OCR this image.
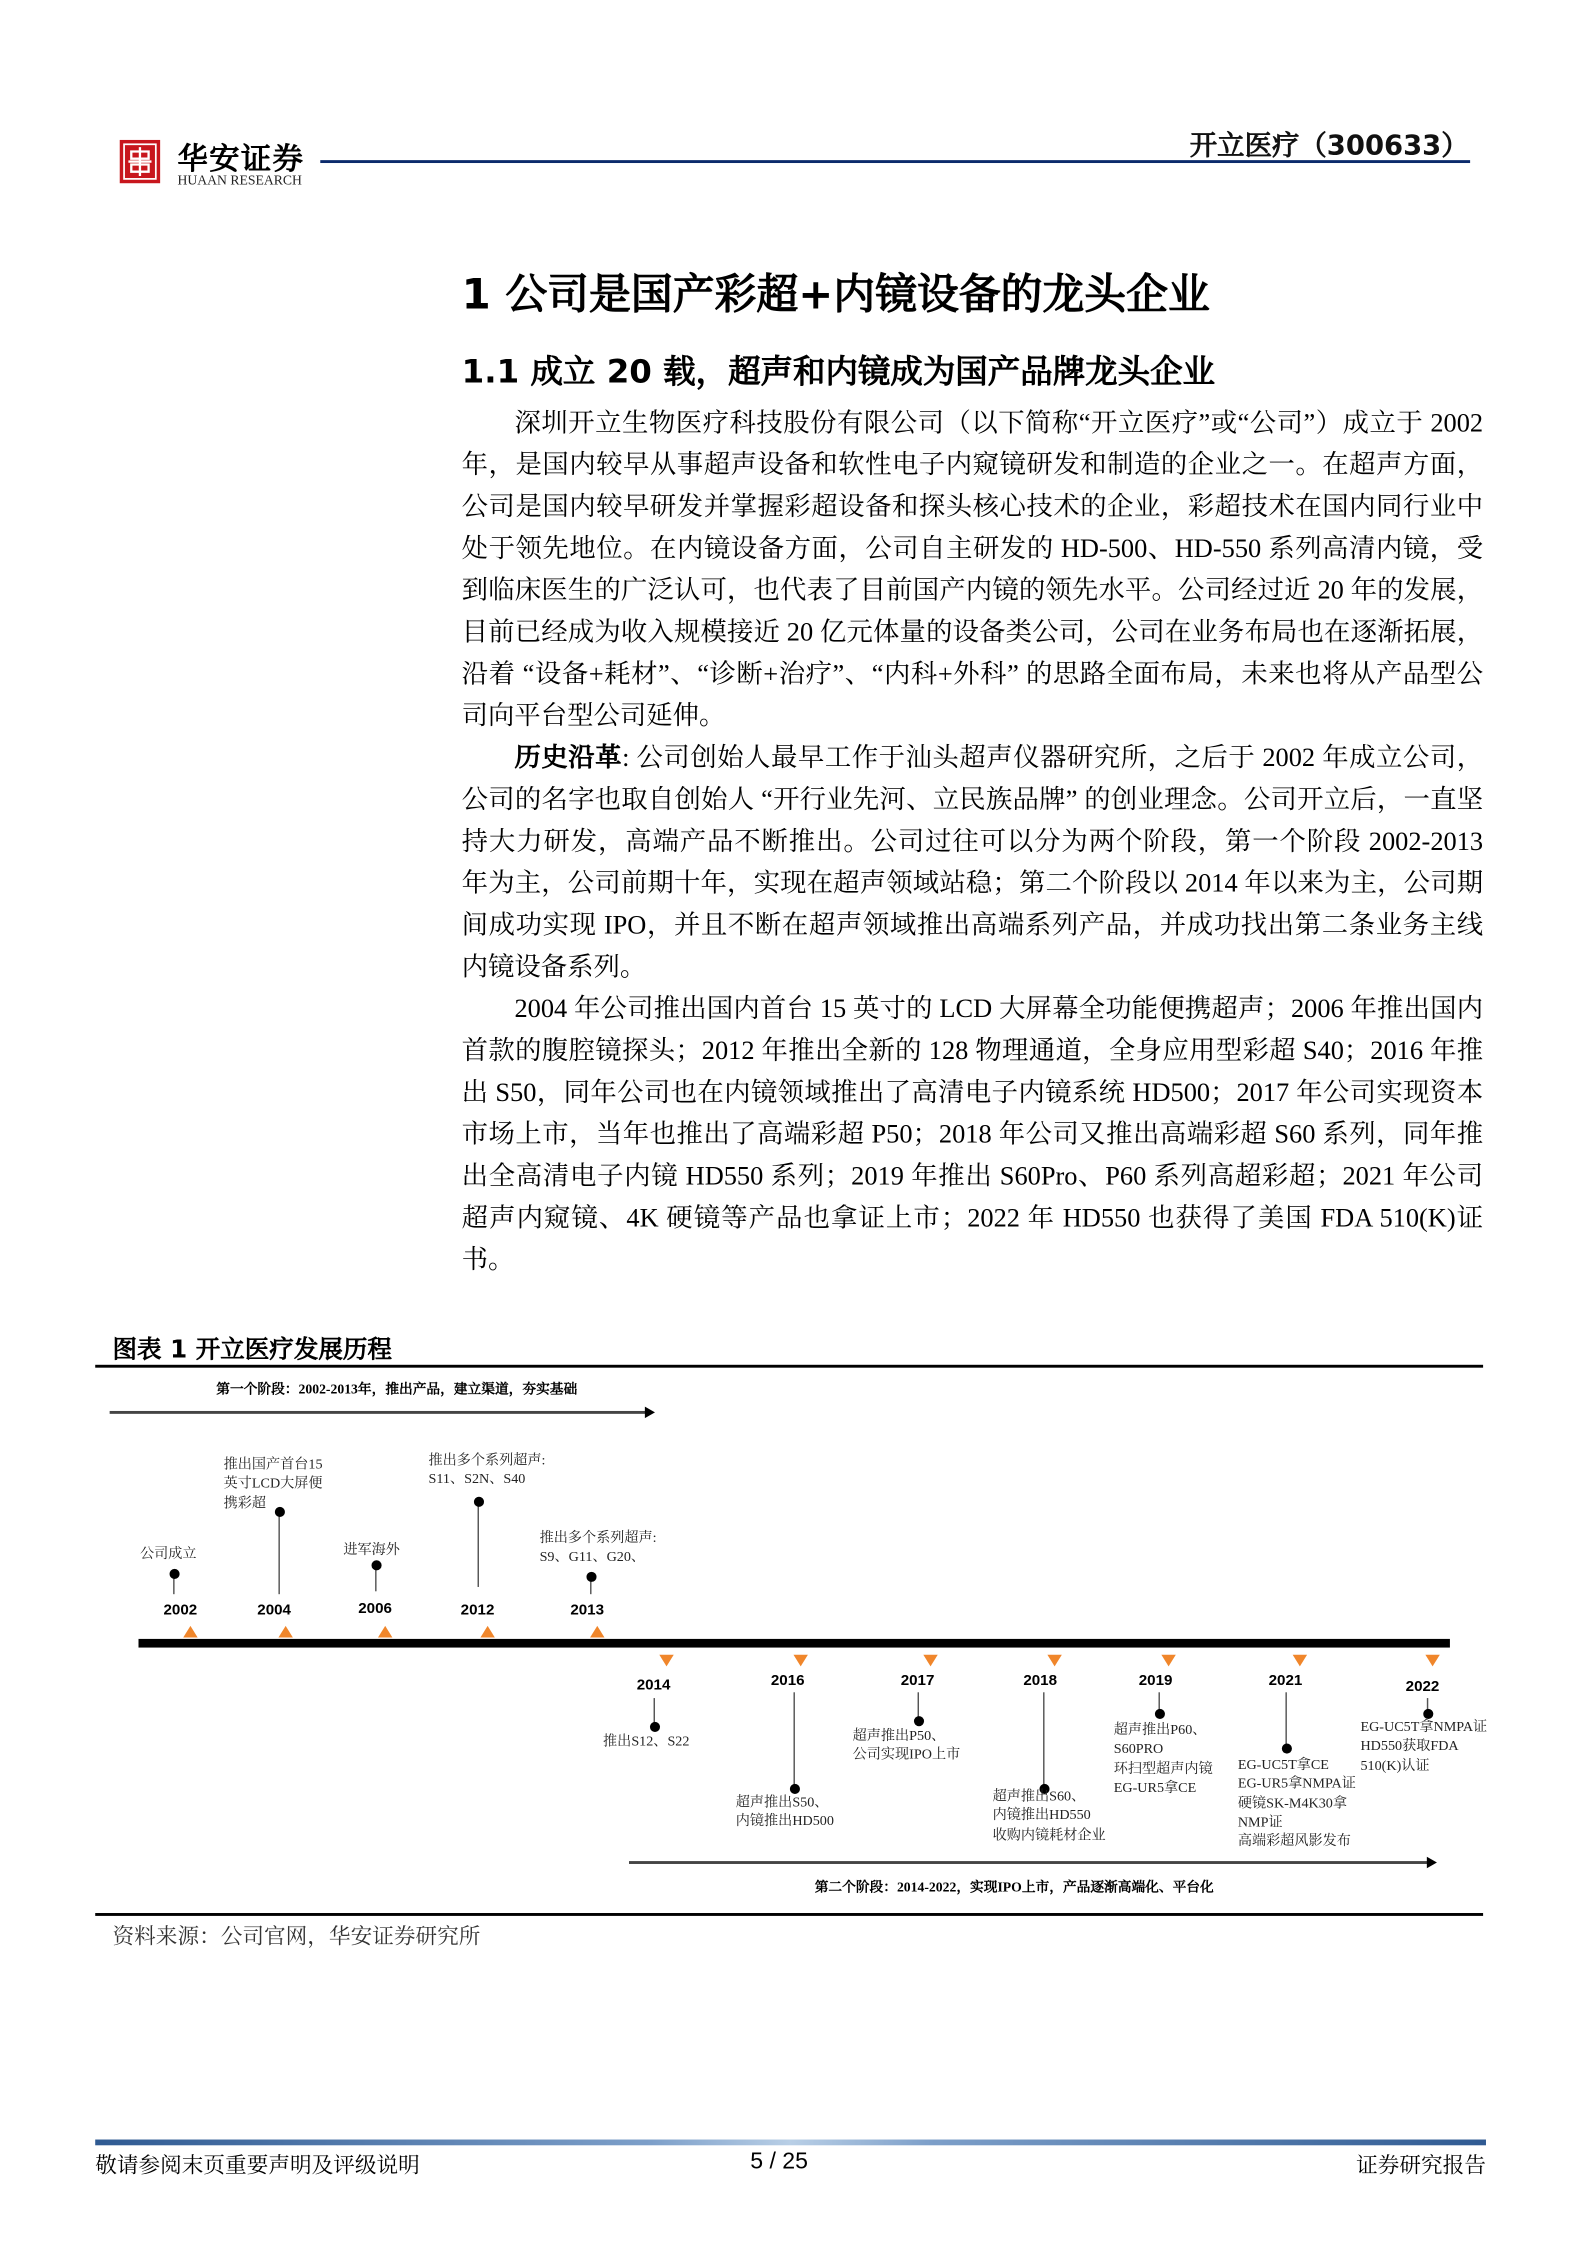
华安证券
HUAAN RESEARCH
开立医疗（300633）
1 公司是国产彩超+内镜设备的龙头企业
1.1 成立 20 载，超声和内镜成为国产品牌龙头企业

深圳开立生物医疗科技股份有限公司（以下简称“开立医疗”或“公司”）成立于 2002 年，是国内较早从事超声设备和软性电子内窥镜研发和制造的企业之一。在超声方面，公司是国内较早研发并掌握彩超设备和探头核心技术的企业，彩超技术在国内同行业中处于领先地位。在内镜设备方面，公司自主研发的 HD-500、HD-550 系列高清内镜，受到临床医生的广泛认可，也代表了目前国产内镜的领先水平。公司经过近 20 年的发展，目前已经成为收入规模接近 20 亿元体量的设备类公司，公司在业务布局也在逐渐拓展，沿着 “设备+耗材”、“诊断+治疗”、“内科+外科” 的思路全面布局，未来也将从产品型公司向平台型公司延伸。

历史沿革: 公司创始人最早工作于汕头超声仪器研究所，之后于 2002 年成立公司，公司的名字也取自创始人 “开行业先河、立民族品牌” 的创业理念。公司开立后，一直坚持大力研发，高端产品不断推出。公司过往可以分为两个阶段，第一个阶段 2002-2013 年为主，公司前期十年，实现在超声领域站稳；第二个阶段以 2014 年以来为主，公司期间成功实现 IPO，并且不断在超声领域推出高端系列产品，并成功找出第二条业务主线内镜设备系列。

2004 年公司推出国内首台 15 英寸的 LCD 大屏幕全功能便携超声；2006 年推出国内首款的腹腔镜探头；2012 年推出全新的 128 物理通道，全身应用型彩超 S40；2016 年推出 S50，同年公司也在内镜领域推出了高清电子内镜系统 HD500；2017 年公司实现资本市场上市，当年也推出了高端彩超 P50；2018 年公司又推出高端彩超 S60 系列，同年推出全高清电子内镜 HD550 系列；2019 年推出 S60Pro、P60 系列高超彩超；2021 年公司超声内窥镜、4K 硬镜等产品也拿证上市；2022 年 HD550 也获得了美国 FDA 510(K)证书。

图表 1 开立医疗发展历程
第一个阶段：2002-2013年，推出产品，建立渠道，夯实基础
第二个阶段：2014-2022，实现IPO上市，产品逐渐高端化、平台化
2002
公司成立
2004
推出国产首台15
英寸LCD大屏便
携彩超
2006
进军海外
2012
推出多个系列超声:
S11、S2N、S40
2013
推出多个系列超声:
S9、G11、G20、
2014
推出S12、S22
2016
超声推出S50、
内镜推出HD500
2017
超声推出P50、
公司实现IPO上市
2018
超声推出S60、
内镜推出HD550
收购内镜耗材企业
2019
超声推出P60、
S60PRO
环扫型超声内镜
EG-UR5拿CE
2021
EG-UC5T拿CE
EG-UR5拿NMPA证
硬镜SK-M4K30拿
NMP证
高端彩超风影发布
2022
EG-UC5T拿NMPA证
HD550获取FDA
510(K)认证
资料来源：公司官网，华安证券研究所
敬请参阅末页重要声明及评级说明	5 / 25	证券研究报告
